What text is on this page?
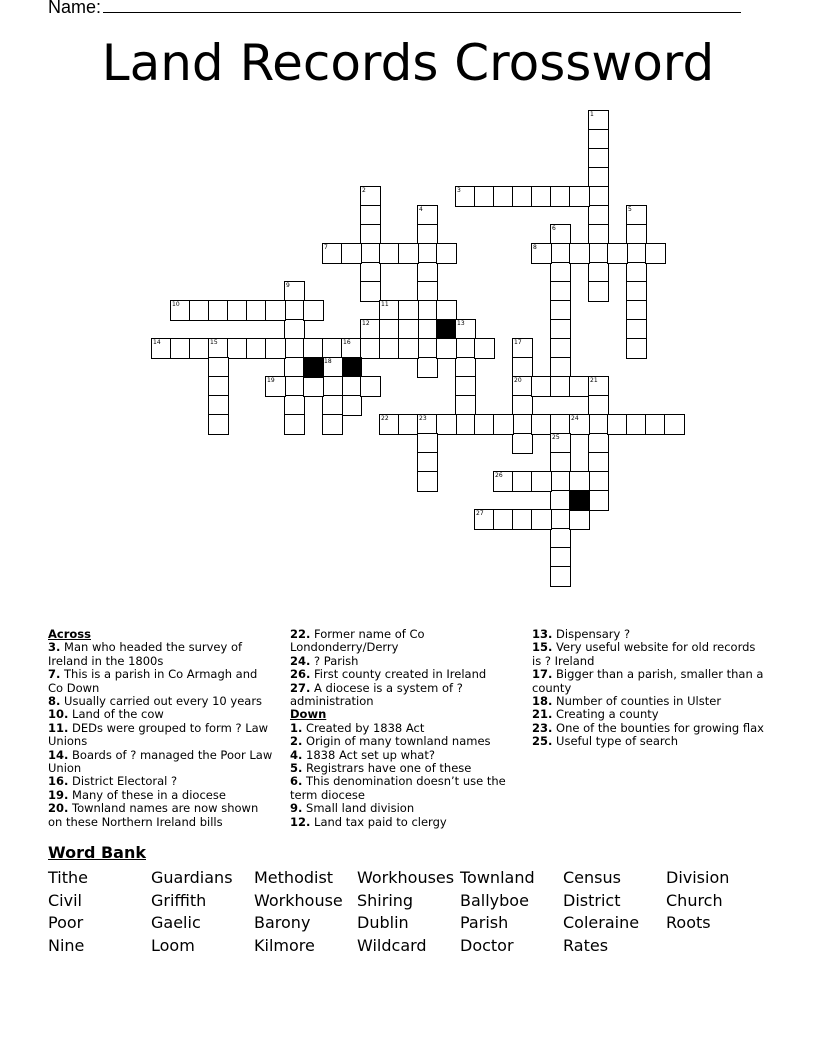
Name:
Land Records Crossword
1
2	3
4	5
6
7	8
9
10	11
12	13
14	15	16	17
20
18
19	21
22	23	24
25
26
27
Across
3. Man who headed the survey of Ireland in the 1800s
7. This is a parish in Co Armagh and Co Down
8. Usually carried out every 10 years
10. Land of the cow
11. DEDs were grouped to form ? Law Unions
14. Boards of ? managed the Poor Law Union
16. District Electoral ?
19. Many of these in a diocese
20. Townland names are now shown on these Northern Ireland bills
22. Former name of Co Londonderry/Derry
24. ? Parish
26. First county created in Ireland
27. A diocese is a system of ? administration
Down
1. Created by 1838 Act
2. Origin of many townland names
4. 1838 Act set up what?
5. Registrars have one of these
6. This denomination doesn’t use the term diocese
9. Small land division
12. Land tax paid to clergy
13. Dispensary ?
15. Very useful website for old records is ? Ireland
17. Bigger than a parish, smaller than a county
18. Number of counties in Ulster
21. Creating a county
23. One of the bounties for growing flax
25. Useful type of search
Word Bank
Tithe	Guardians Methodist Workhouses Townland Census	Division
Civil	Griffith	Workhouse Shiring	Ballyboe District	Church
Poor	Gaelic	Barony	Dublin	Parish	Coleraine Roots
Nine	Loom	Kilmore	Wildcard Doctor	Rates
